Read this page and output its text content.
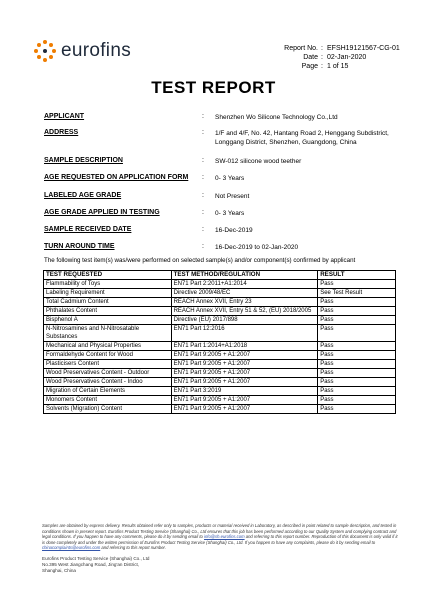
eurofins	Report No. : EFSH19121567-CG-01
Date : 02-Jan-2020
Page : 1 of 15
TEST REPORT
APPLICANT	: Shenzhen Wo Silicone Technology Co.,Ltd
ADDRESS	: 1/F and 4/F, No. 42, Hantang Road 2, Henggang Subdistrict, Longgang District, Shenzhen, Guangdong, China
SAMPLE DESCRIPTION	: SW-012 silicone wood teether
AGE REQUESTED ON APPLICATION FORM : 0- 3 Years
LABELED AGE GRADE	: Not Present
AGE GRADE APPLIED IN TESTING	: 0- 3 Years
SAMPLE RECEIVED DATE	: 16-Dec-2019
TURN AROUND TIME	: 16-Dec-2019 to 02-Jan-2020
The following test item(s) was/were performed on selected sample(s) and/or component(s) confirmed by applicant
TEST REQUESTED	TEST METHOD/REGULATION	RESULT
Flammability of Toys	EN71 Part 2:2011+A1:2014	Pass
Labeling Requirement	Directive 2009/48/EC	See Test Result
Total Cadmium Content	REACH Annex XVII, Entry 23	Pass
Phthalates Content	REACH Annex XVII, Entry 51 & 52, (EU) 2018/2005	Pass
Bisphenol A	Directive (EU) 2017/898	Pass
N-Nitrosamines and N-Nitrosatable Substances	EN71 Part 12:2016	Pass
Mechanical and Physical Properties	EN71 Part 1:2014+A1:2018	Pass
Formaldehyde Content for Wood	EN71 Part 9:2005 + A1:2007	Pass
Plasticisers Content	EN71 Part 9:2005 + A1:2007	Pass
Wood Preservatives Content - Outdoor	EN71 Part 9:2005 + A1:2007	Pass
Wood Preservatives Content - Indoo	EN71 Part 9:2005 + A1:2007	Pass
Migration of Certain Elements	EN71 Part 3:2019	Pass
Monomers Content	EN71 Part 9:2005 + A1:2007	Pass
Solvents (Migration) Content	EN71 Part 9:2005 + A1:2007	Pass
Samples are obtained by express delivery. Results obtained refer only to samples, products or material received in Laboratory, as described in point related to sample description, and tested in conditions shown in present report. Eurofins Product Testing Service (Shanghai) Co., Ltd ensures that this job has been performed according to our Quality System and complying contract and legal conditions. If you happen to have any comments, please do it by sending email to info@sh.eurofins.com and referring to this report number. Reproduction of this document is only valid if it is done completely and under the written permission of Eurofins Product Testing Service (Shanghai) Co., Ltd. If you happen to have any complaints, please do it by sending email to chinacomplaints@eurofins.com and referring to this report number.
Eurofins Product Testing Service (Shanghai) Co., Ltd
No.395 West Jiangchang Road, Jing'an District,
Shanghai, China
